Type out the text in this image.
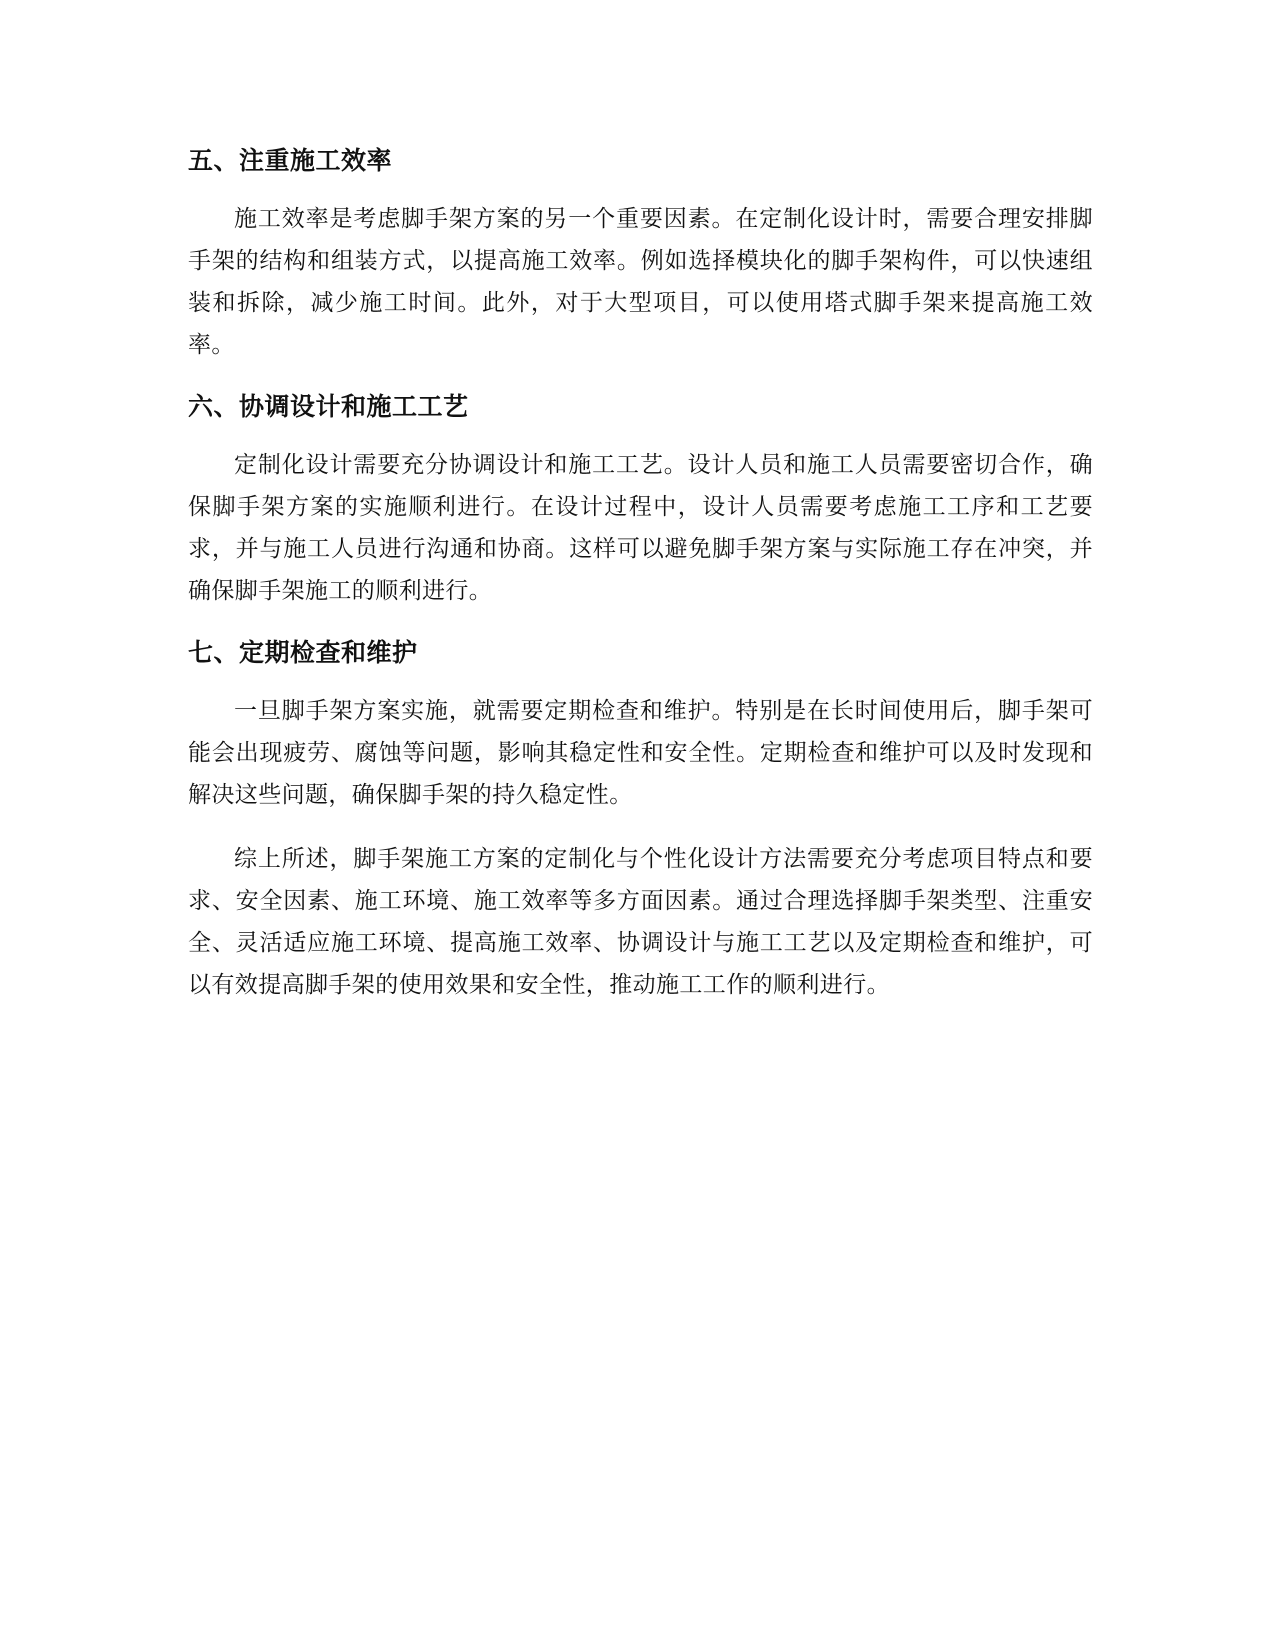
五、注重施工效率

施工效率是考虑脚手架方案的另一个重要因素。在定制化设计时，需要合理安排脚手架的结构和组装方式，以提高施工效率。例如选择模块化的脚手架构件，可以快速组装和拆除，减少施工时间。此外，对于大型项目，可以使用塔式脚手架来提高施工效率。

六、协调设计和施工工艺

定制化设计需要充分协调设计和施工工艺。设计人员和施工人员需要密切合作，确保脚手架方案的实施顺利进行。在设计过程中，设计人员需要考虑施工工序和工艺要求，并与施工人员进行沟通和协商。这样可以避免脚手架方案与实际施工存在冲突，并确保脚手架施工的顺利进行。

七、定期检查和维护

一旦脚手架方案实施，就需要定期检查和维护。特别是在长时间使用后，脚手架可能会出现疲劳、腐蚀等问题，影响其稳定性和安全性。定期检查和维护可以及时发现和解决这些问题，确保脚手架的持久稳定性。

综上所述，脚手架施工方案的定制化与个性化设计方法需要充分考虑项目特点和要求、安全因素、施工环境、施工效率等多方面因素。通过合理选择脚手架类型、注重安全、灵活适应施工环境、提高施工效率、协调设计与施工工艺以及定期检查和维护，可以有效提高脚手架的使用效果和安全性，推动施工工作的顺利进行。
